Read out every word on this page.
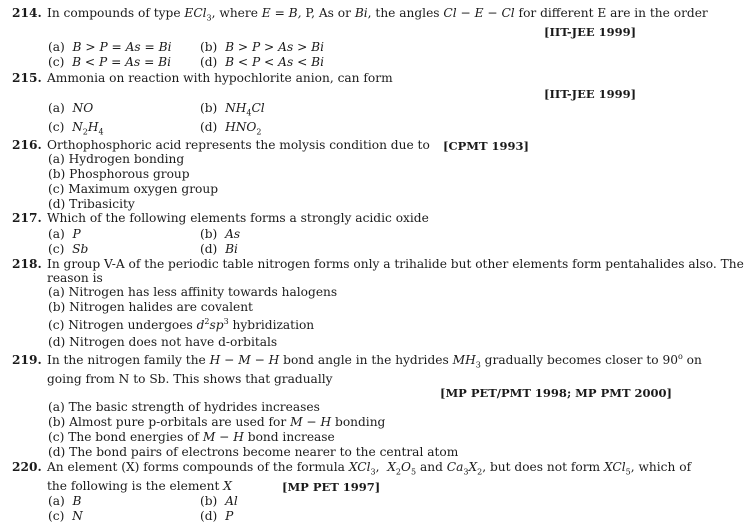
214. In compounds of type ECl$_3$, where E = B, P, As or Bi, the angles Cl − E − Cl for different E are in the order
[IIT-JEE 1999]
(a) B > P = As = Bi (b) B > P > As > Bi
(c) B < P = As = Bi (d) B < P < As < Bi
215. Ammonia on reaction with hypochlorite anion, can form
[IIT-JEE 1999]
(a) NO	(b) $NH_4Cl$
(c) $N_2H_4$	(d) $HNO_2$
216. Orthophosphoric acid represents the molysis condition due to [CPMT 1993]
(a) Hydrogen bonding
(b) Phosphorous group
(c) Maximum oxygen group
(d) Tribasicity
217. Which of the following elements forms a strongly acidic oxide
(a) P	(b) As
(c) Sb	(d) Bi
218. In group V-A of the periodic table nitrogen forms only a trihalide but other elements form pentahalides also. The
reason is
(a) Nitrogen has less affinity towards halogens
(b) Nitrogen halides are covalent
(c) Nitrogen undergoes $d^2sp^3$ hybridization
(d) Nitrogen does not have d-orbitals
219. In the nitrogen family the H − M − H bond angle in the hydrides $MH_3$ gradually becomes closer to 90$^o$ on
going from N to Sb. This shows that gradually
[MP PET/PMT 1998; MP PMT 2000]
(a) The basic strength of hydrides increases
(b) Almost pure p-orbitals are used for M − H bonding
(c) The bond energies of M − H bond increase
(d) The bond pairs of electrons become nearer to the central atom
220. An element (X) forms compounds of the formula XCl$_3$,  $X_2O_5$ and $Ca_3X_2$, but does not form XCl$_5$, which of
the following is the element X	[MP PET 1997]
(a) B	(b) Al
(c) N	(d) P
